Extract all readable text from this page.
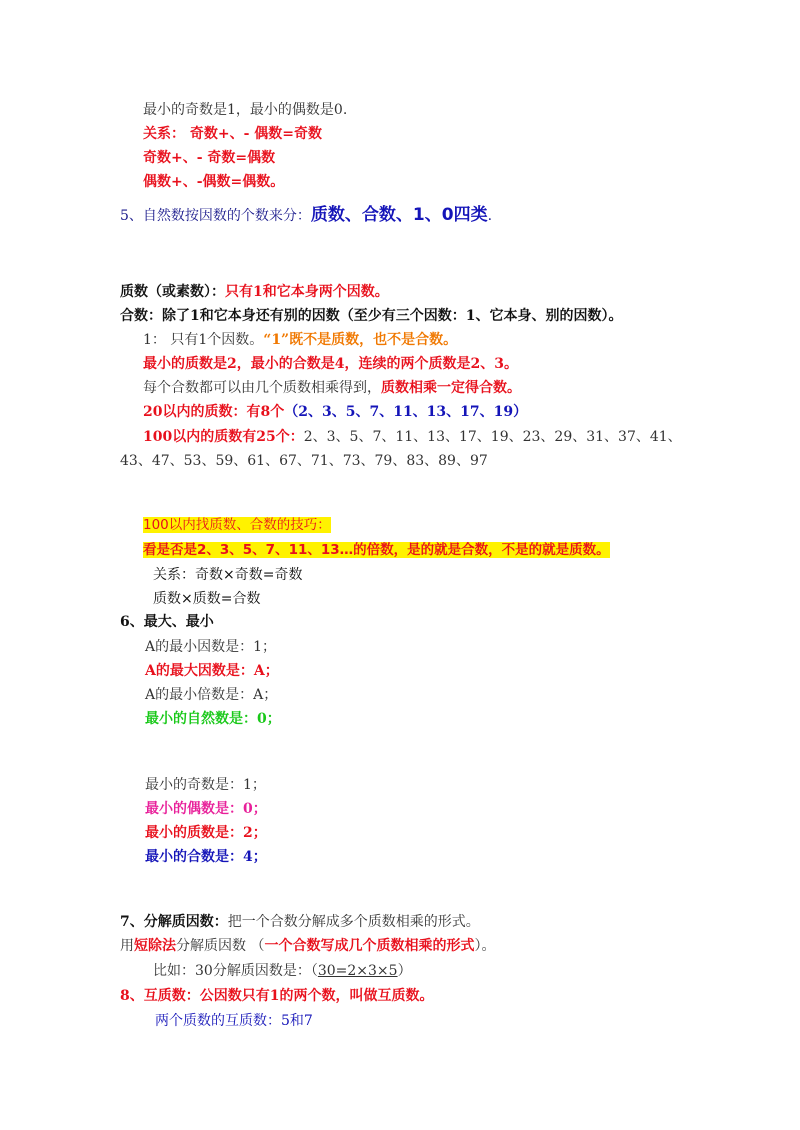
最小的奇数是1，最小的偶数是0.
关系： 奇数+、- 偶数=奇数
奇数+、- 奇数=偶数
偶数+、-偶数=偶数。
5、自然数按因数的个数来分：质数、合数、1、0四类.
质数（或素数）：只有1和它本身两个因数。
合数：除了1和它本身还有别的因数（至少有三个因数：1、它本身、别的因数）。
1： 只有1个因数。“1”既不是质数，也不是合数。
最小的质数是2，最小的合数是4，连续的两个质数是2、3。
每个合数都可以由几个质数相乘得到，质数相乘一定得合数。
20以内的质数：有8个（2、3、5、7、11、13、17、19）
100以内的质数有25个：2、3、5、7、11、13、17、19、23、29、31、37、41、
43、47、53、59、61、67、71、73、79、83、89、97
100以内找质数、合数的技巧：
看是否是2、3、5、7、11、13…的倍数，是的就是合数，不是的就是质数。
关系：奇数×奇数=奇数
质数×质数=合数
6、最大、最小
A的最小因数是：1；
A的最大因数是：A；
A的最小倍数是：A；
最小的自然数是：0；
最小的奇数是：1；
最小的偶数是：0；
最小的质数是：2；
最小的合数是：4；
7、分解质因数：把一个合数分解成多个质数相乘的形式。
用短除法分解质因数 （一个合数写成几个质数相乘的形式）。
比如：30分解质因数是：（30=2×3×5）
8、互质数：公因数只有1的两个数，叫做互质数。
两个质数的互质数：5和7
